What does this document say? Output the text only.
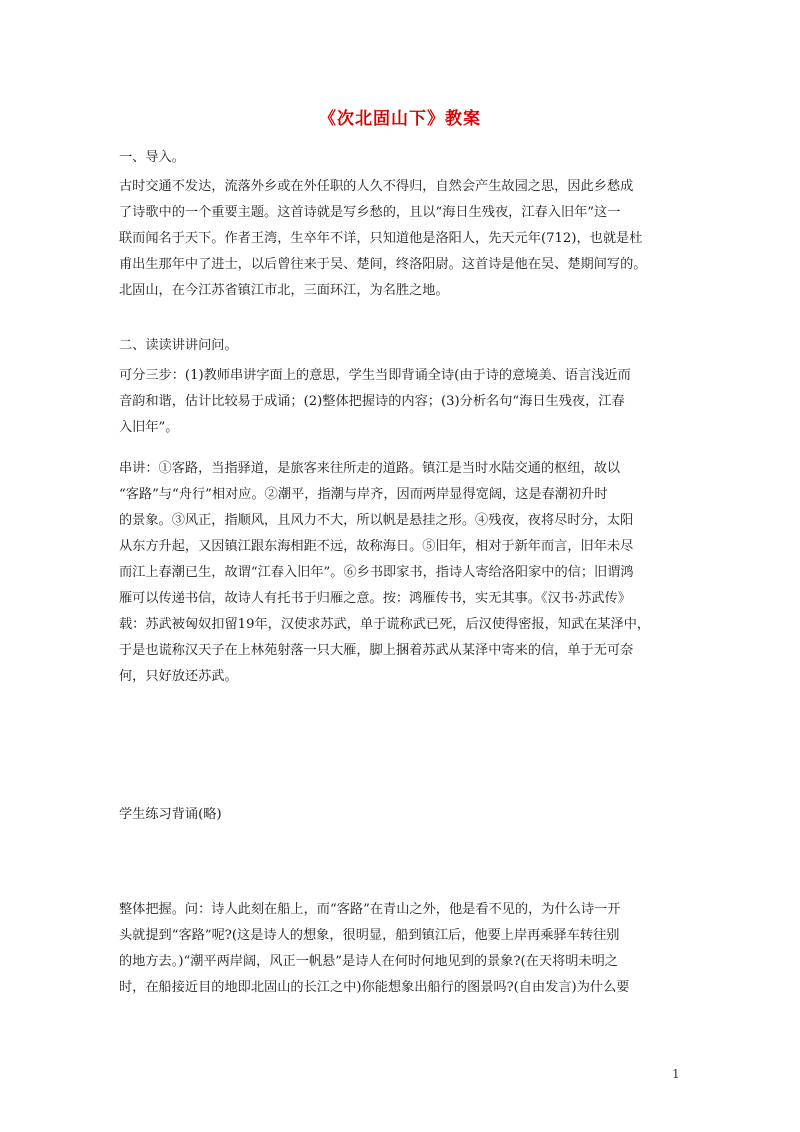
《次北固山下》教案
一、导入。
古时交通不发达，流落外乡或在外任职的人久不得归，自然会产生故园之思，因此乡愁成
了诗歌中的一个重要主题。这首诗就是写乡愁的，且以“海日生残夜，江春入旧年”这一
联而闻名于天下。作者王湾，生卒年不详，只知道他是洛阳人，先天元年(712)，也就是杜
甫出生那年中了进士，以后曾往来于吴、楚间，终洛阳尉。这首诗是他在吴、楚期间写的。
北固山，在今江苏省镇江市北，三面环江，为名胜之地。
二、读读讲讲问问。
可分三步：(1)教师串讲字面上的意思，学生当即背诵全诗(由于诗的意境美、语言浅近而
音韵和谐，估计比较易于成诵；(2)整体把握诗的内容；(3)分析名句“海日生残夜，江春
入旧年”。
串讲：①客路，当指驿道，是旅客来往所走的道路。镇江是当时水陆交通的枢纽，故以
“客路”与“舟行”相对应。②潮平，指潮与岸齐，因而两岸显得宽阔，这是春潮初升时
的景象。③风正，指顺风，且风力不大，所以帆是悬挂之形。④残夜，夜将尽时分，太阳
从东方升起，又因镇江跟东海相距不远，故称海日。⑤旧年，相对于新年而言，旧年未尽
而江上春潮已生，故谓“江春入旧年”。⑥乡书即家书，指诗人寄给洛阳家中的信；旧谓鸿
雁可以传递书信，故诗人有托书于归雁之意。按：鸿雁传书，实无其事。《汉书·苏武传》
载：苏武被匈奴扣留19年，汉使求苏武，单于谎称武已死，后汉使得密报，知武在某泽中，
于是也谎称汉天子在上林苑射落一只大雁，脚上捆着苏武从某泽中寄来的信，单于无可奈
何，只好放还苏武。
学生练习背诵(略)
整体把握。问：诗人此刻在船上，而“客路”在青山之外，他是看不见的，为什么诗一开
头就提到“客路”呢?(这是诗人的想象，很明显，船到镇江后，他要上岸再乘驿车转往别
的地方去。)“潮平两岸阔，风正一帆悬”是诗人在何时何地见到的景象?(在天将明未明之
时，在船接近目的地即北固山的长江之中)你能想象出船行的图景吗?(自由发言)为什么要
1
